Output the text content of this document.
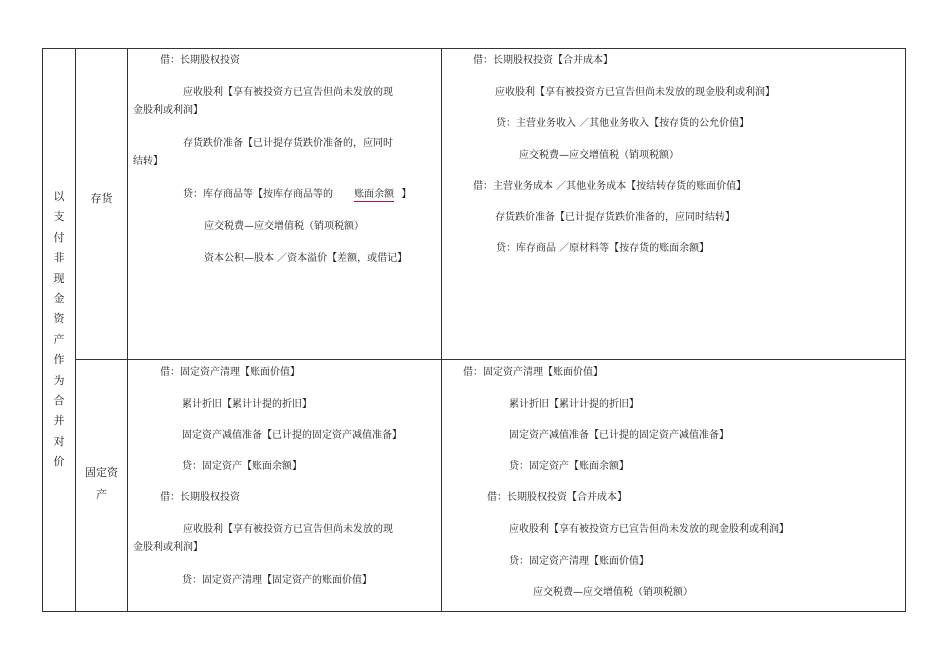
以
支
付
非
现
金
资
产
作
为
合
并
对
价
存货
借：长期股权投资
应收股利【享有被投资方已宣告但尚未发放的现
金股利或利润】
存货跌价准备【已计提存货跌价准备的，应同时
结转】
贷：库存商品等【按库存商品等的 账面余额 】
应交税费—应交增值税（销项税额）
资本公积—股本 ／资本溢价【差额，或借记】
借：长期股权投资【合并成本】
应收股利【享有被投资方已宣告但尚未发放的现金股利或利润】
贷：主营业务收入 ／其他业务收入【按存货的公允价值】
应交税费—应交增值税（销项税额）
借：主营业务成本 ／其他业务成本【按结转存货的账面价值】
存货跌价准备【已计提存货跌价准备的，应同时结转】
贷：库存商品 ／原材料等【按存货的账面余额】
固定资
产
借：固定资产清理【账面价值】
累计折旧【累计计提的折旧】
固定资产减值准备【已计提的固定资产减值准备】
贷：固定资产【账面余额】
借：长期股权投资
应收股利【享有被投资方已宣告但尚未发放的现
金股利或利润】
贷：固定资产清理【固定资产的账面价值】
借：固定资产清理【账面价值】
累计折旧【累计计提的折旧】
固定资产减值准备【已计提的固定资产减值准备】
贷：固定资产【账面余额】
借：长期股权投资【合并成本】
应收股利【享有被投资方已宣告但尚未发放的现金股利或利润】
贷：固定资产清理【账面价值】
应交税费—应交增值税（销项税额）
